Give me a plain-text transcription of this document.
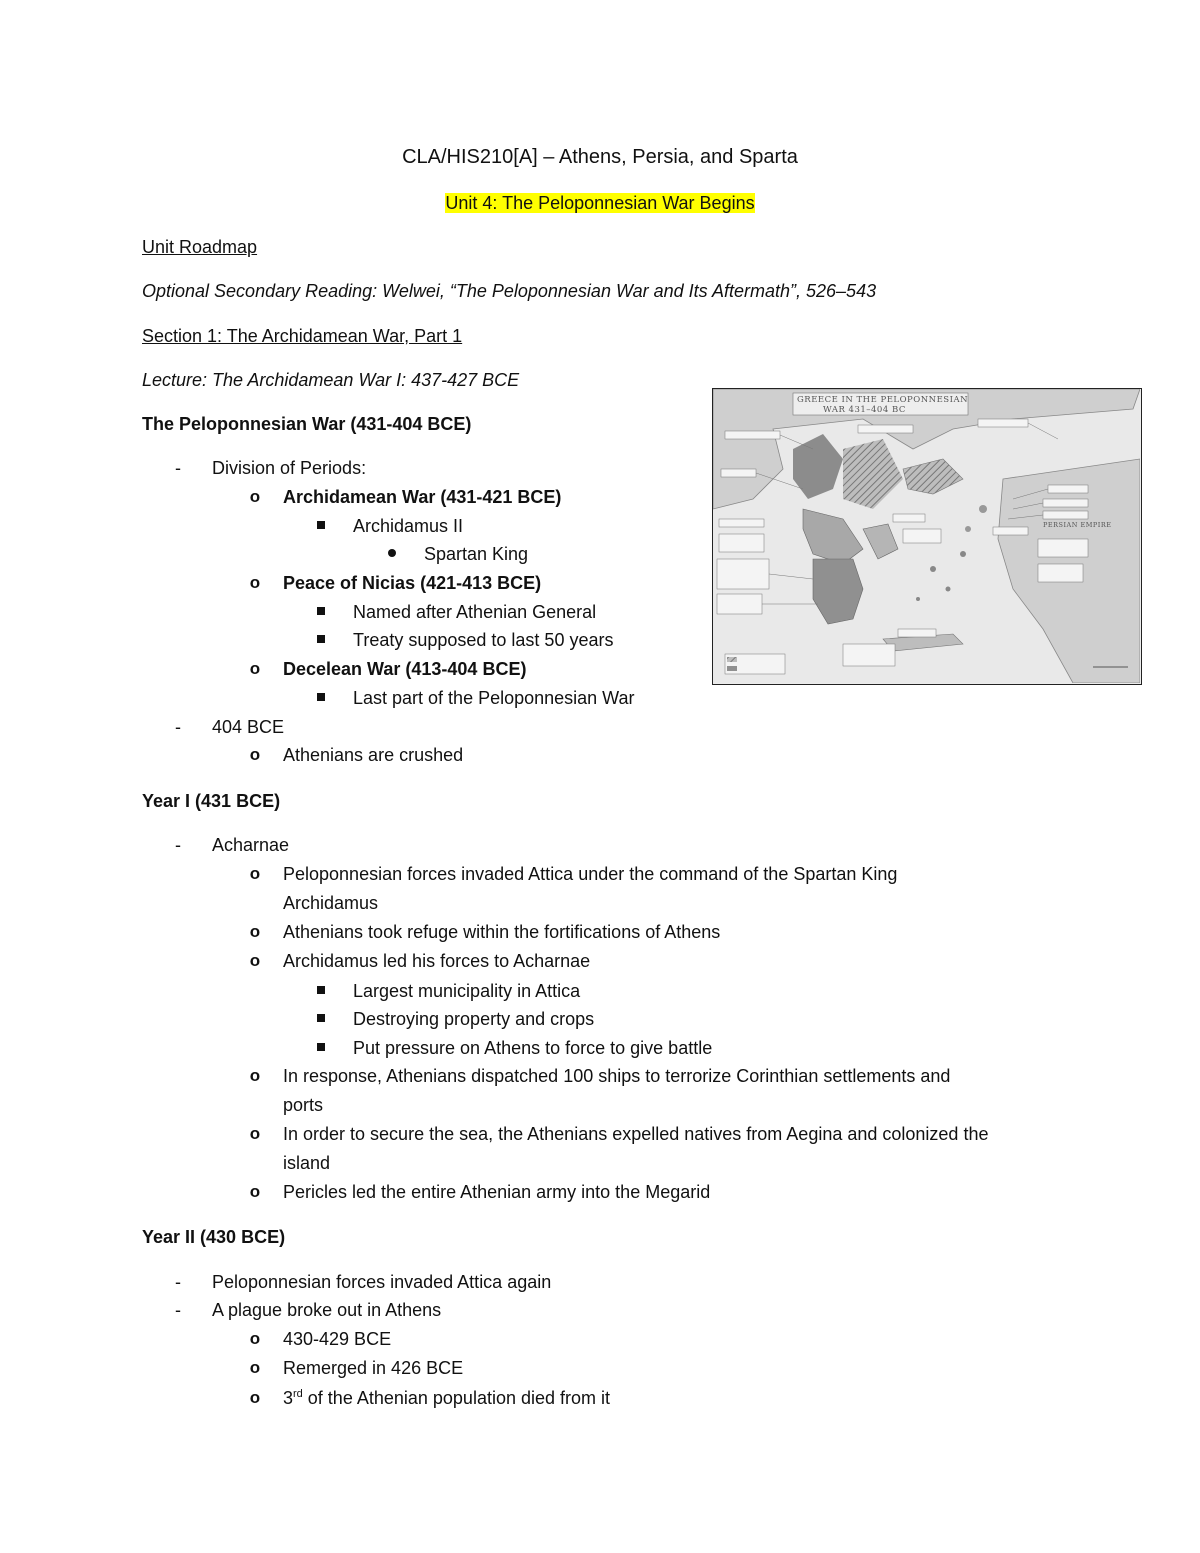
CLA/HIS210[A] – Athens, Persia, and Sparta
Unit 4: The Peloponnesian War Begins
Unit Roadmap
Optional Secondary Reading: Welwei, “The Peloponnesian War and Its Aftermath”, 526–543
Section 1: The Archidamean War, Part 1
Lecture: The Archidamean War I: 437-427 BCE
The Peloponnesian War (431-404 BCE)
- Division of Periods:
o Archidamean War (431-421 BCE)
Archidamus II
Spartan King
o Peace of Nicias (421-413 BCE)
Named after Athenian General
Treaty supposed to last 50 years
o Decelean War (413-404 BCE)
Last part of the Peloponnesian War
- 404 BCE
o Athenians are crushed
Year I (431 BCE)
- Acharnae
o Peloponnesian forces invaded Attica under the command of the Spartan King
Archidamus
o Athenians took refuge within the fortifications of Athens
o Archidamus led his forces to Acharnae
Largest municipality in Attica
Destroying property and crops
Put pressure on Athens to force to give battle
o In response, Athenians dispatched 100 ships to terrorize Corinthian settlements and
ports
o In order to secure the sea, the Athenians expelled natives from Aegina and colonized the
island
o Pericles led the entire Athenian army into the Megarid
Year II (430 BCE)
- Peloponnesian forces invaded Attica again
- A plague broke out in Athens
o 430-429 BCE
o Remerged in 426 BCE
o 3rd of the Athenian population died from it
GREECE IN THE PELOPONNESIAN
WAR 431–404 BC
PERSIAN EMPIRE
